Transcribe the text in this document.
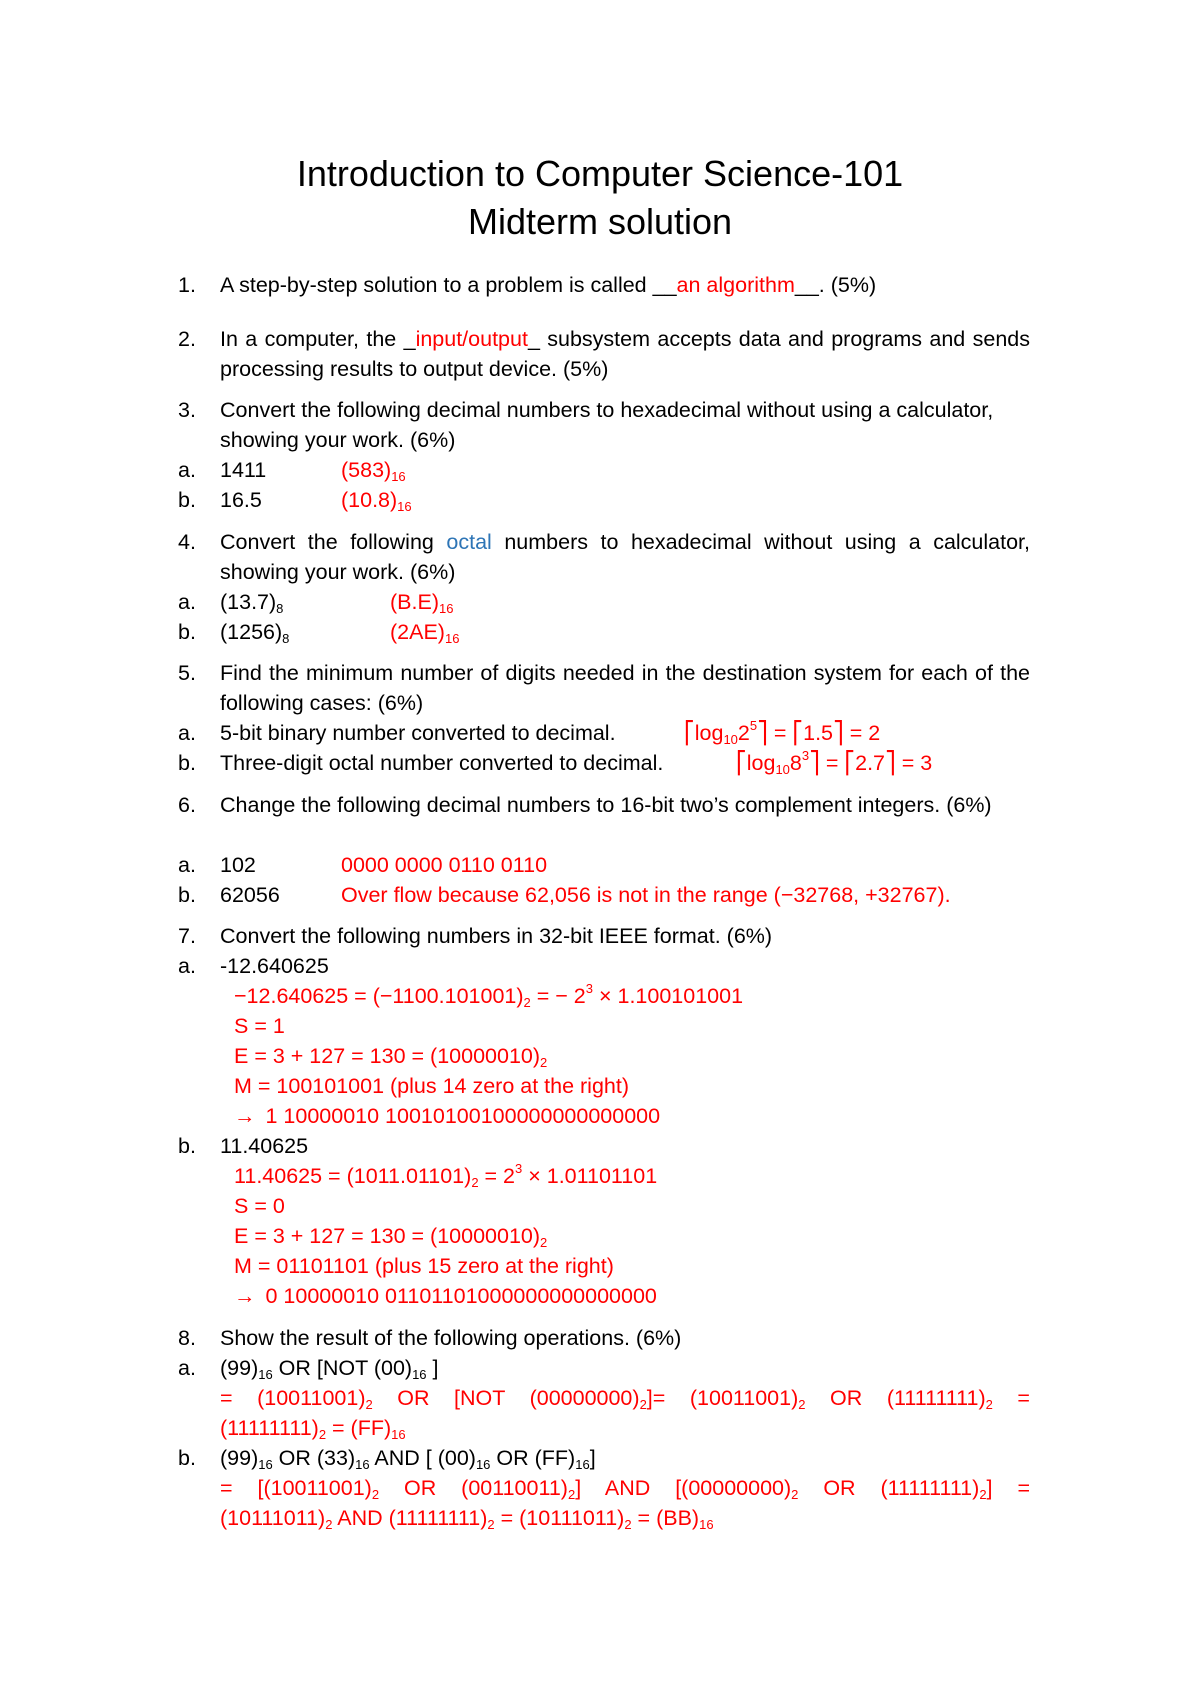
Introduction to Computer Science-101
Midterm solution
1.	A step-by-step solution to a problem is called __an algorithm__. (5%)
2.	In a computer, the _input/output_ subsystem accepts data and programs and sends processing results to output device. (5%)
3.	Convert the following decimal numbers to hexadecimal without using a calculator, showing your work. (6%)
a. 1411	$(583)_{16}$
b. 16.5	$(10.8)_{16}$
4.	Convert the following octal numbers to hexadecimal without using a calculator, showing your work. (6%)
a. $(13.7)_8$	$(B.E)_{16}$
b. $(1256)_8$	$(2AE)_{16}$
5.	Find the minimum number of digits needed in the destination system for each of the following cases: (6%)
a. 5-bit binary number converted to decimal.	$⎡\log_{10}2^5⎤$ = ⎡1.5⎤ = 2
b. Three-digit octal number converted to decimal.	$⎡\log_{10}8^3⎤$ = ⎡2.7⎤ = 3
6.	Change the following decimal numbers to 16-bit two’s complement integers. (6%)
a. 102	0000 0000 0110 0110
b. 62056	Over flow because 62,056 is not in the range (−32768, +32767).
7.	Convert the following numbers in 32-bit IEEE format. (6%)
a. -12.640625
$-12.640625 = (-1100.101001)_2$ = − $2^3 \times 1.100101001$
S = 1
$E = 3 + 127 = 130 = (10000010)_2$
M = 100101001 (plus 14 zero at the right)
→ 1 10000010 10010100100000000000000
b. 11.40625
$11.40625 = (1011.01101)_2 = 2^3 \times 1.01101101$
S = 0
$E = 3 + 127 = 130 = (10000010)_2$
M = 01101101 (plus 15 zero at the right)
→ 0 10000010 01101101000000000000000
8.	Show the result of the following operations. (6%)
a. $(99)_{16}$ OR [NOT $(00)_{16}$ ]
= $(10011001)_2$ OR [NOT $(00000000)_2]= (10011001)_2$ OR $(11111111)_2$ =
$(11111111)_2 = (FF)_{16}$
b. $(99)_{16}$ OR $(33)_{16}$ AND [ $(00)_{16}$ OR $(FF)_{16}$]
= [$(10011001)_2$ OR $(00110011)_2$] AND [$(00000000)_2$ OR $(11111111)_2$] =
$(10111011)_2$ AND $(11111111)_2 = (10111011)_2 = (BB)_{16}$
